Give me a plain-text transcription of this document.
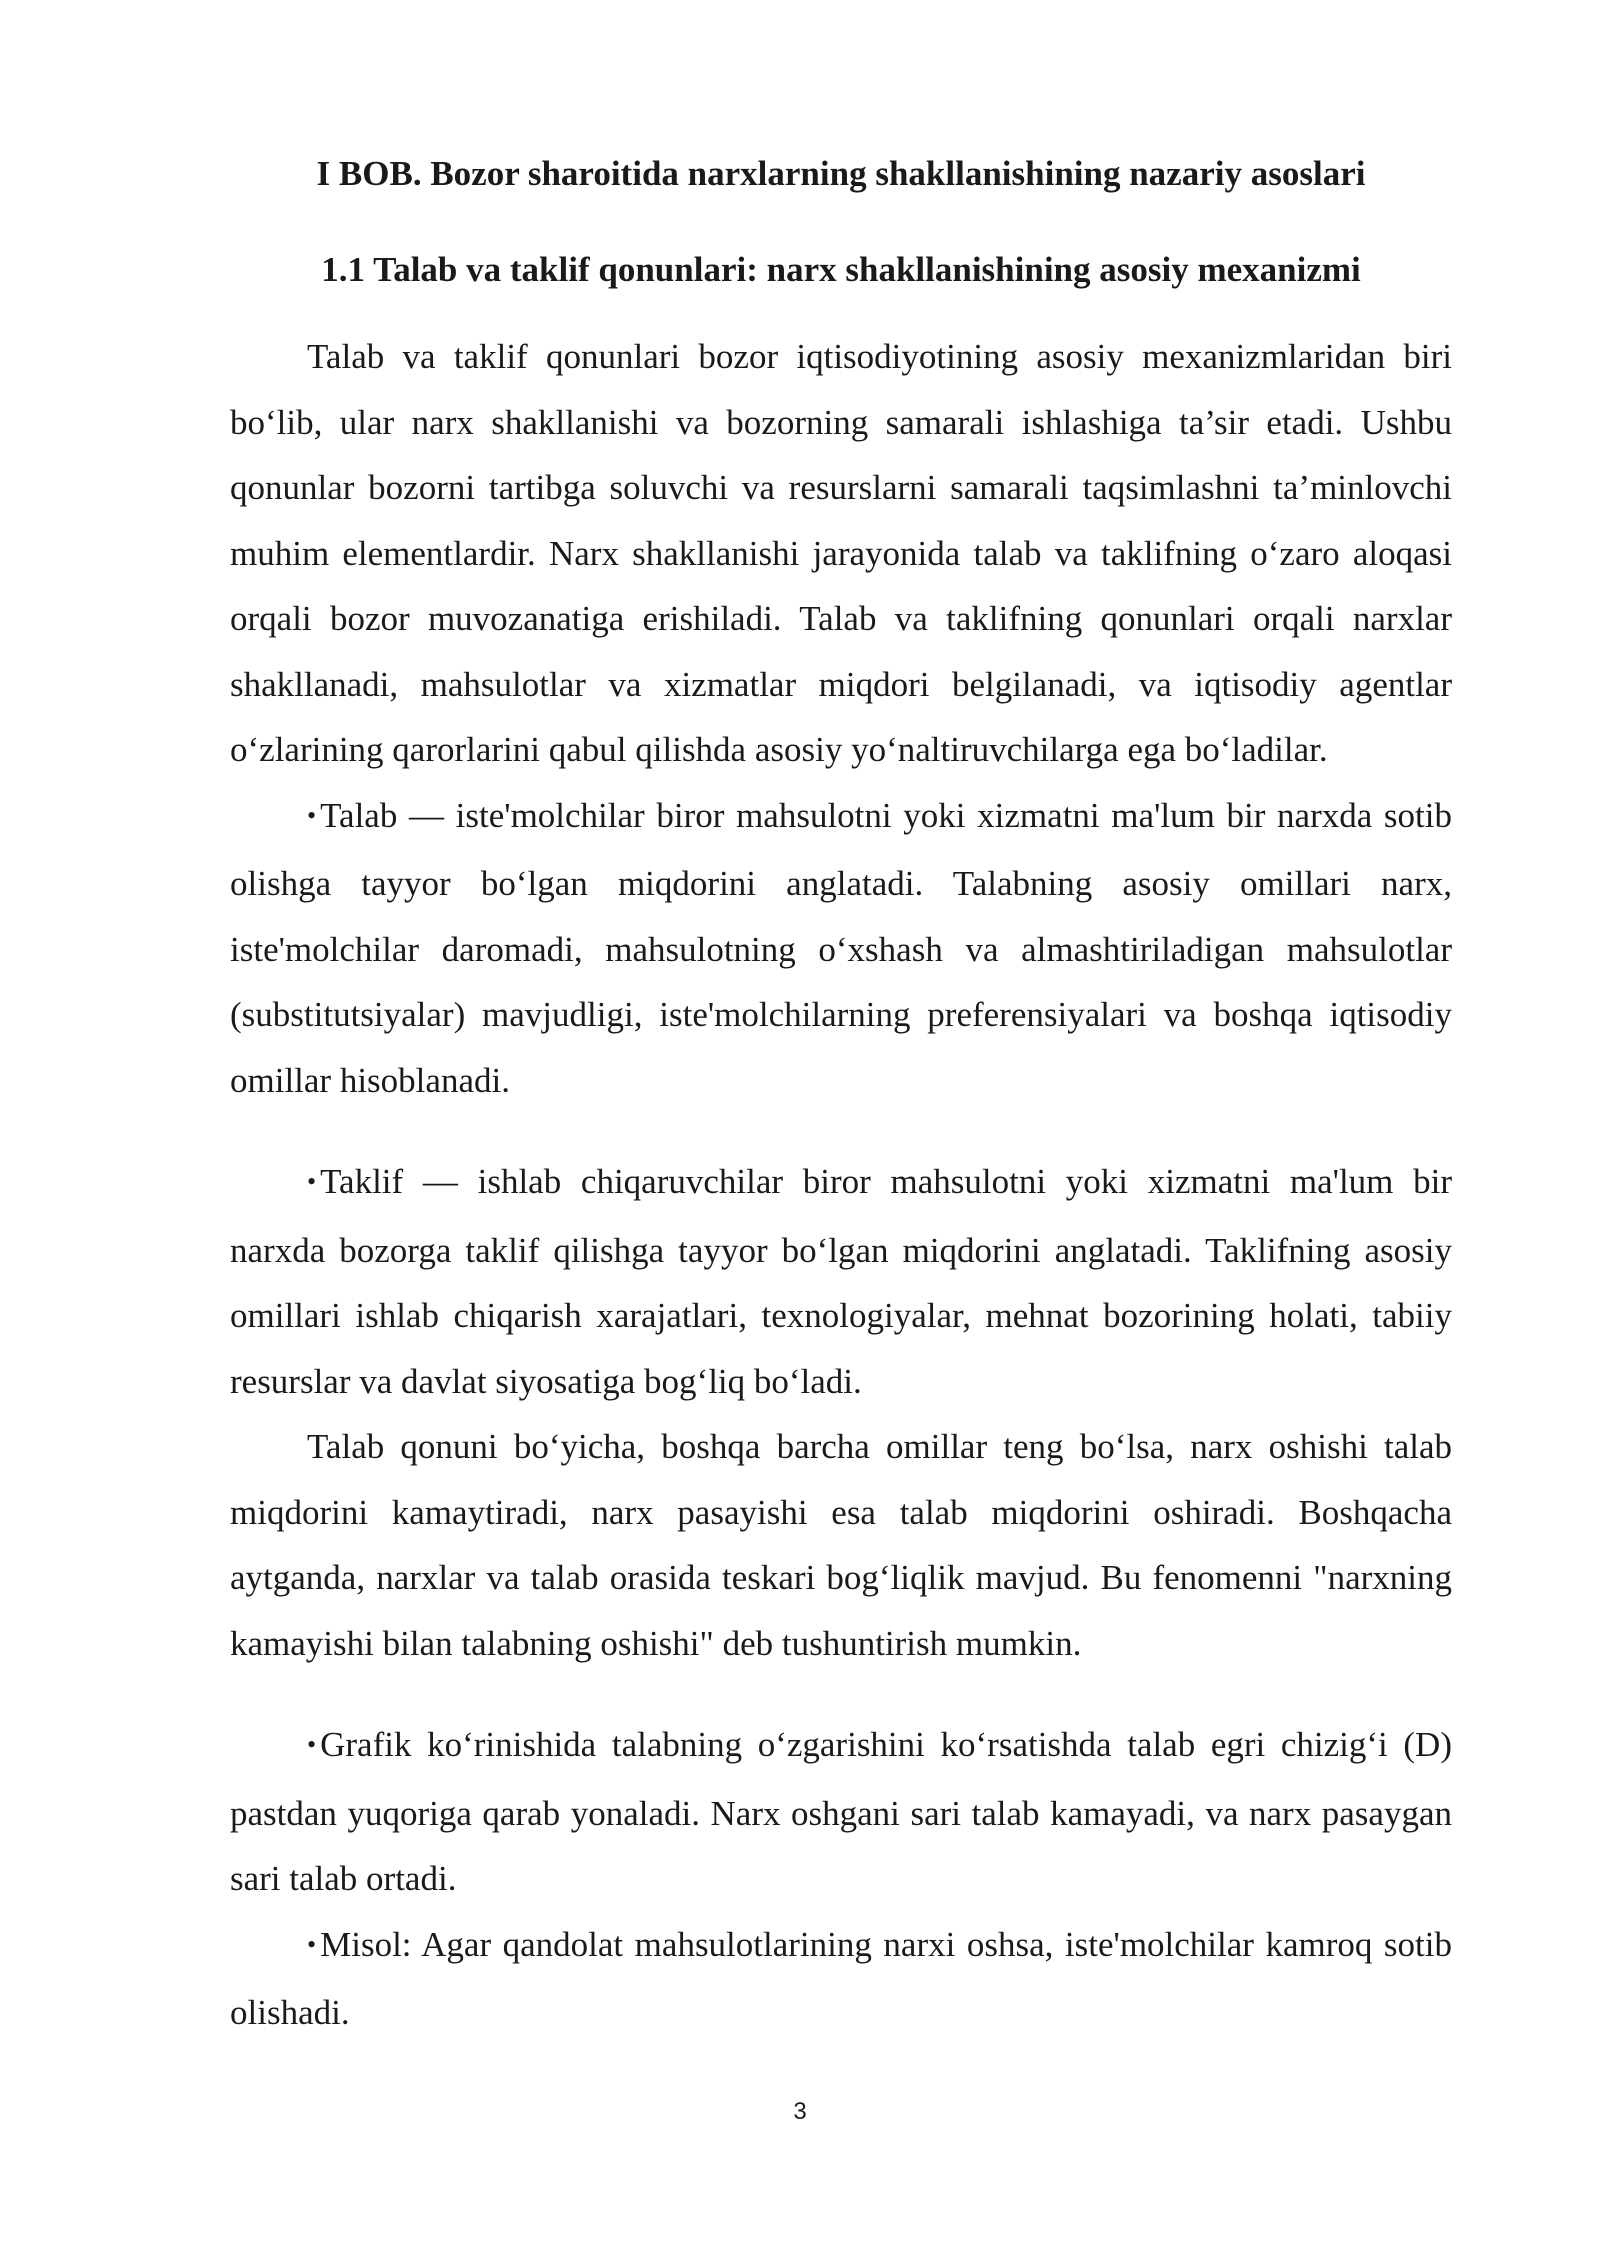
I BOB. Bozor sharoitida narxlarning shakllanishining nazariy asoslari
1.1 Talab va taklif qonunlari: narx shakllanishining asosiy mexanizmi

Talab va taklif qonunlari bozor iqtisodiyotining asosiy mexanizmlaridan biri bo‘lib, ular narx shakllanishi va bozorning samarali ishlashiga ta’sir etadi. Ushbu qonunlar bozorni tartibga soluvchi va resurslarni samarali taqsimlashni ta’minlovchi muhim elementlardir. Narx shakllanishi jarayonida talab va taklifning o‘zaro aloqasi orqali bozor muvozanatiga erishiladi. Talab va taklifning qonunlari orqali narxlar shakllanadi, mahsulotlar va xizmatlar miqdori belgilanadi, va iqtisodiy agentlar o‘zlarining qarorlarini qabul qilishda asosiy yo‘naltiruvchilarga ega bo‘ladilar.

• Talab — iste'molchilar biror mahsulotni yoki xizmatni ma'lum bir narxda sotib olishga tayyor bo‘lgan miqdorini anglatadi. Talabning asosiy omillari narx, iste'molchilar daromadi, mahsulotning o‘xshash va almashtiriladigan mahsulotlar (substitutsiyalar) mavjudligi, iste'molchilarning preferensiyalari va boshqa iqtisodiy omillar hisoblanadi.

• Taklif — ishlab chiqaruvchilar biror mahsulotni yoki xizmatni ma'lum bir narxda bozorga taklif qilishga tayyor bo‘lgan miqdorini anglatadi. Taklifning asosiy omillari ishlab chiqarish xarajatlari, texnologiyalar, mehnat bozorining holati, tabiiy resurslar va davlat siyosatiga bog‘liq bo‘ladi.

Talab qonuni bo‘yicha, boshqa barcha omillar teng bo‘lsa, narx oshishi talab miqdorini kamaytiradi, narx pasayishi esa talab miqdorini oshiradi. Boshqacha aytganda, narxlar va talab orasida teskari bog‘liqlik mavjud. Bu fenomenni "narxning kamayishi bilan talabning oshishi" deb tushuntirish mumkin.

• Grafik ko‘rinishida talabning o‘zgarishini ko‘rsatishda talab egri chizig‘i (D) pastdan yuqoriga qarab yonaladi. Narx oshgani sari talab kamayadi, va narx pasaygan sari talab ortadi.

• Misol: Agar qandolat mahsulotlarining narxi oshsa, iste'molchilar kamroq sotib olishadi.

3
